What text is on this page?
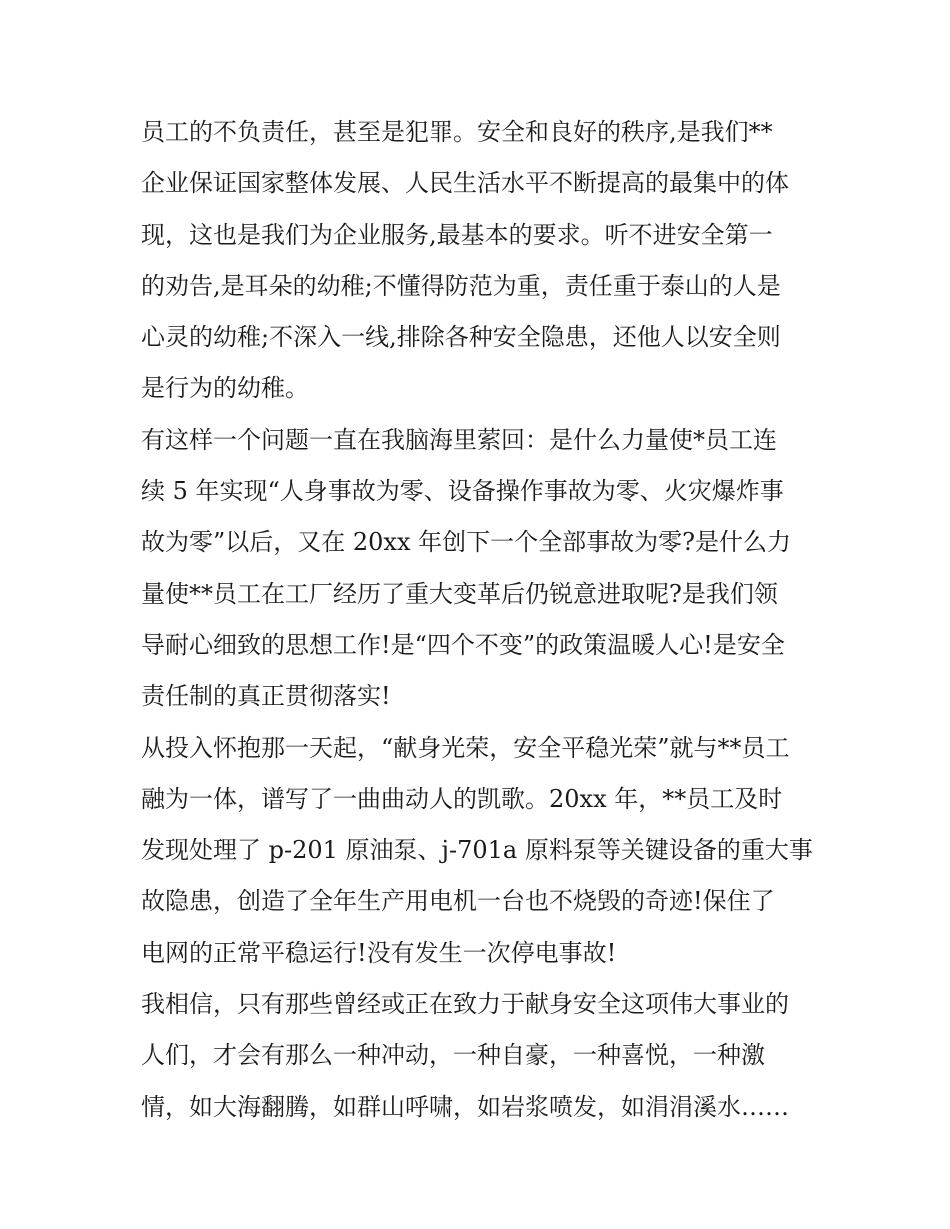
员工的不负责任，甚至是犯罪。安全和良好的秩序,是我们**
企业保证国家整体发展、人民生活水平不断提高的最集中的体
现，这也是我们为企业服务,最基本的要求。听不进安全第一
的劝告,是耳朵的幼稚;不懂得防范为重，责任重于泰山的人是
心灵的幼稚;不深入一线,排除各种安全隐患，还他人以安全则
是行为的幼稚。
有这样一个问题一直在我脑海里萦回：是什么力量使*员工连
续 5 年实现“人身事故为零、设备操作事故为零、火灾爆炸事
故为零”以后，又在 20xx 年创下一个全部事故为零?是什么力
量使**员工在工厂经历了重大变革后仍锐意进取呢?是我们领
导耐心细致的思想工作!是“四个不变”的政策温暖人心!是安全
责任制的真正贯彻落实!
从投入怀抱那一天起，“献身光荣，安全平稳光荣”就与**员工
融为一体，谱写了一曲曲动人的凯歌。20xx 年，**员工及时
发现处理了 p-201 原油泵、j-701a 原料泵等关键设备的重大事
故隐患，创造了全年生产用电机一台也不烧毁的奇迹!保住了
电网的正常平稳运行!没有发生一次停电事故!
我相信，只有那些曾经或正在致力于献身安全这项伟大事业的
人们，才会有那么一种冲动，一种自豪，一种喜悦，一种激
情，如大海翻腾，如群山呼啸，如岩浆喷发，如涓涓溪水……
